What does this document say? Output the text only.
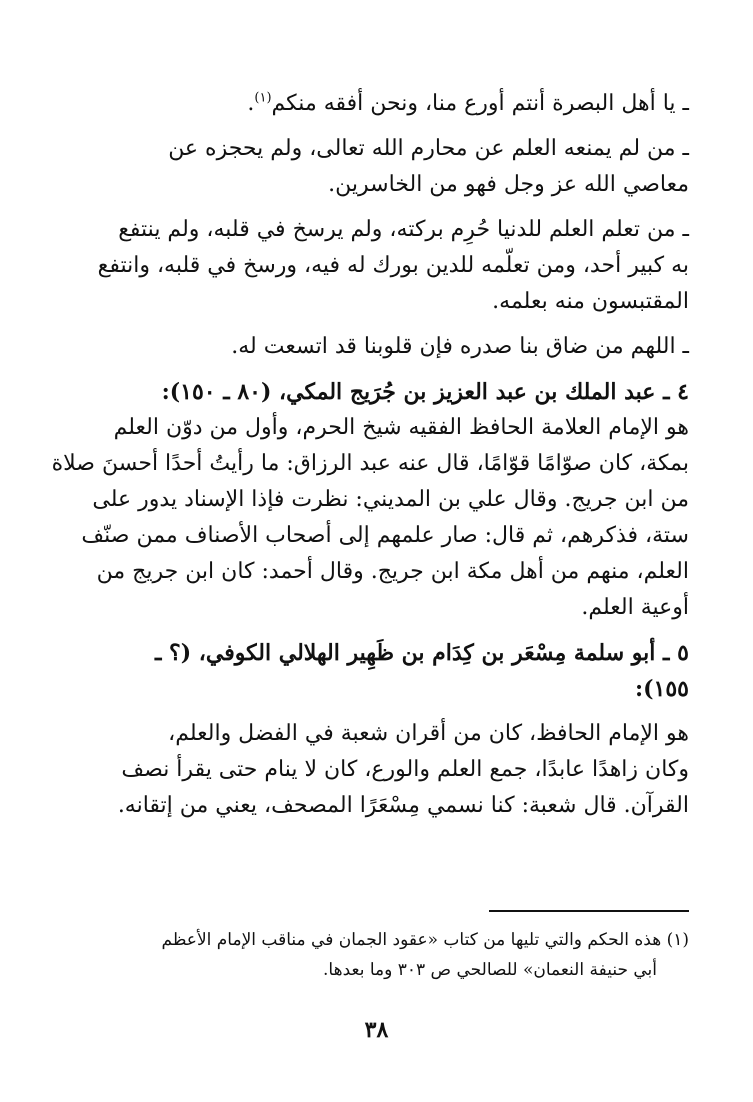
ـ يا أهل البصرة أنتم أورع منا، ونحن أفقه منكم$^{(١)}$.
ـ من لم يمنعه العلم عن محارم الله تعالى، ولم يحجزه عن
معاصي الله عز وجل فهو من الخاسرين.
ـ من تعلم العلم للدنيا حُرِم بركته، ولم يرسخ في قلبه، ولم ينتفع
به كبير أحد، ومن تعلّمه للدين بورك له فيه، ورسخ في قلبه، وانتفع
المقتبسون منه بعلمه.
ـ اللهم من ضاق بنا صدره فإن قلوبنا قد اتسعت له.
٤ ـ عبد الملك بن عبد العزيز بن جُرَيج المكي، (٨٠ ـ ١٥٠):
هو الإمام العلامة الحافظ الفقيه شيخ الحرم، وأول من دوّن العلم
بمكة، كان صوّامًا قوّامًا، قال عنه عبد الرزاق: ما رأيتُ أحدًا أحسنَ صلاة
من ابن جريج. وقال علي بن المديني: نظرت فإذا الإسناد يدور على
ستة، فذكرهم، ثم قال: صار علمهم إلى أصحاب الأصناف ممن صنّف
العلم، منهم من أهل مكة ابن جريج. وقال أحمد: كان ابن جريج من
أوعية العلم.
٥ ـ أبو سلمة مِسْعَر بن كِدَام بن ظَهِير الهلالي الكوفي، (؟ ـ
١٥٥):
هو الإمام الحافظ، كان من أقران شعبة في الفضل والعلم،
وكان زاهدًا عابدًا، جمع العلم والورع، كان لا ينام حتى يقرأ نصف
القرآن. قال شعبة: كنا نسمي مِسْعَرًا المصحف، يعني من إتقانه.
(١) هذه الحكم والتي تليها من كتاب «عقود الجمان في مناقب الإمام الأعظم
أبي حنيفة النعمان» للصالحي ص ٣٠٣ وما بعدها.
٣٨
